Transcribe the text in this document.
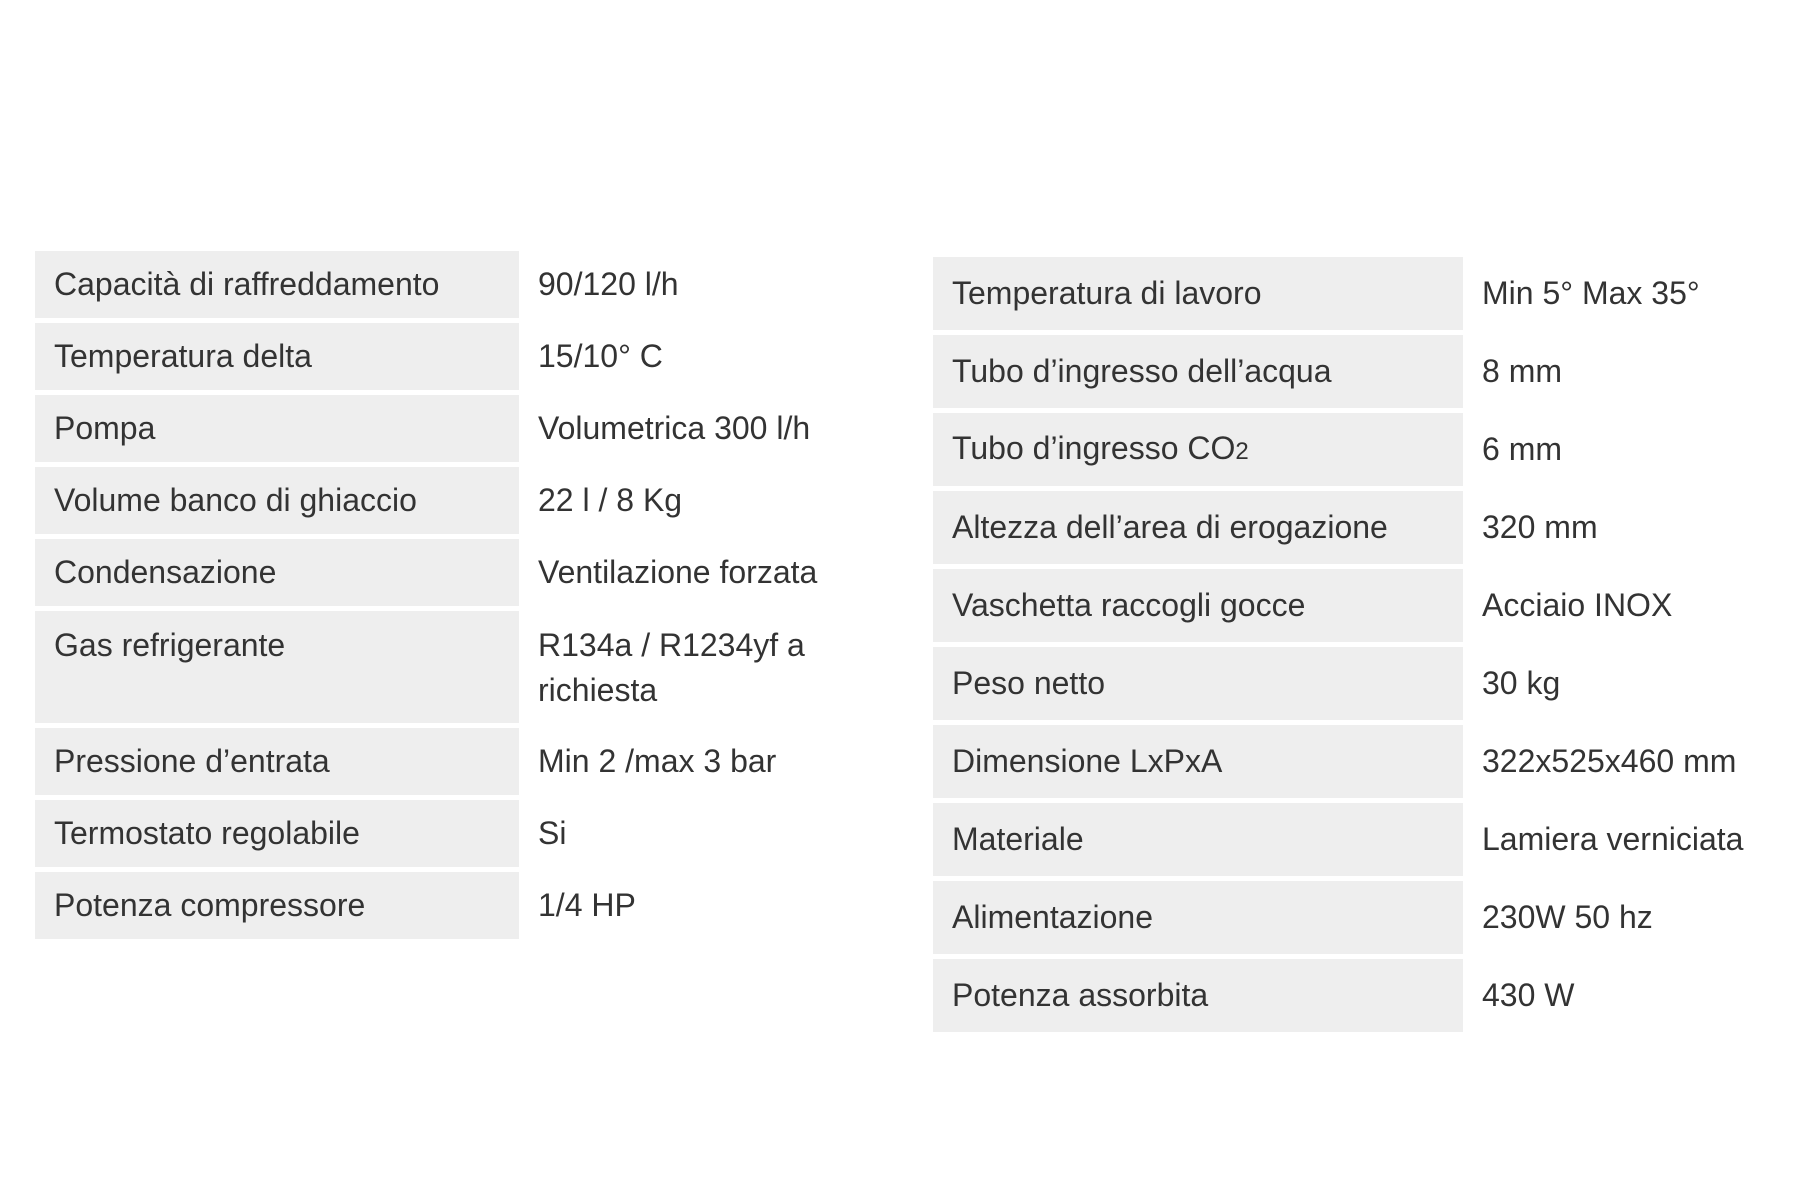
Capacità di raffreddamento	90/120 l/h
Temperatura delta	15/10° C
Pompa	Volumetrica 300 l/h
Volume banco di ghiaccio	22 l / 8 Kg
Condensazione	Ventilazione forzata
Gas refrigerante	R134a / R1234yf a
richiesta
Pressione d’entrata	Min 2 /max 3 bar
Termostato regolabile	Si
Potenza compressore	1/4 HP
Temperatura di lavoro	Min 5° Max 35°
Tubo d’ingresso dell’acqua	8 mm
Tubo d’ingresso CO2	6 mm
Altezza dell’area di erogazione	320 mm
Vaschetta raccogli gocce	Acciaio INOX
Peso netto	30 kg
Dimensione LxPxA	322x525x460 mm
Materiale	Lamiera verniciata
Alimentazione	230W 50 hz
Potenza assorbita	430 W
